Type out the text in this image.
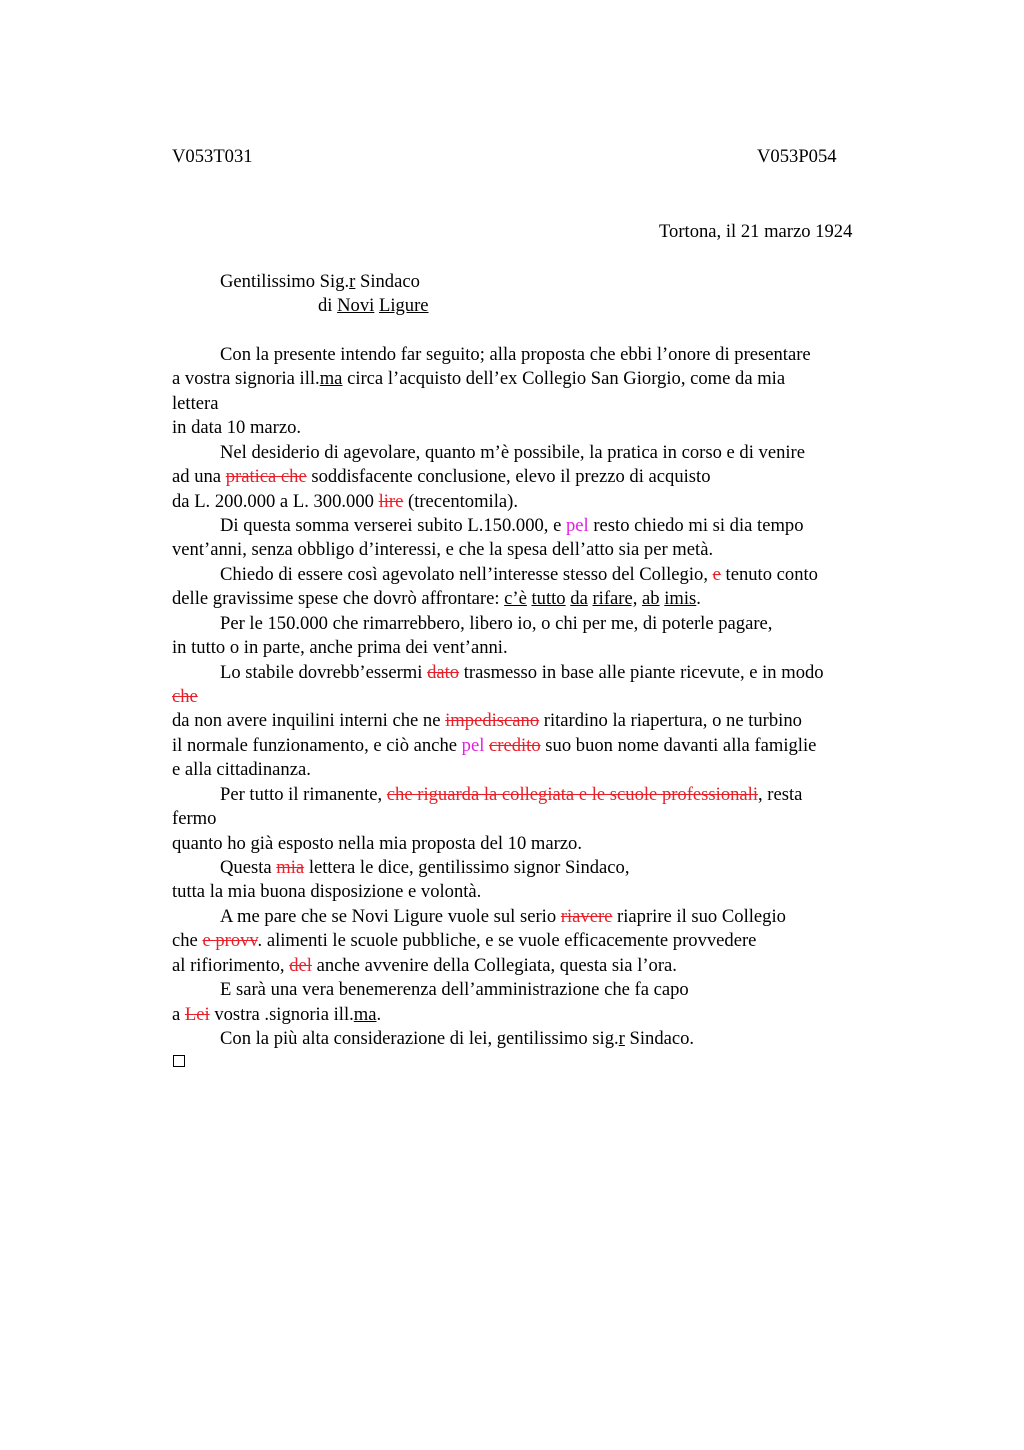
V053T031	V053P054
Tortona, il 21 marzo 1924
Gentilissimo Sig.r Sindaco
di Novi Ligure
Con la presente intendo far seguito; alla proposta che ebbi l’onore di presentare
a vostra signoria ill.ma circa l’acquisto dell’ex Collegio San Giorgio, come da mia
lettera
in data 10 marzo.
Nel desiderio di agevolare, quanto m’è possibile, la pratica in corso e di venire
ad una pratica che soddisfacente conclusione, elevo il prezzo di acquisto
da L. 200.000 a L. 300.000 lire (trecentomila).
Di questa somma verserei subito L.150.000, e pel resto chiedo mi si dia tempo
vent’anni, senza obbligo d’interessi, e che la spesa dell’atto sia per metà.
Chiedo di essere così agevolato nell’interesse stesso del Collegio, e tenuto conto
delle gravissime spese che dovrò affrontare: c’è tutto da rifare, ab imis.
Per le 150.000 che rimarrebbero, libero io, o chi per me, di poterle pagare,
in tutto o in parte, anche prima dei vent’anni.
Lo stabile dovrebb’essermi dato trasmesso in base alle piante ricevute, e in modo
che
da non avere inquilini interni che ne impediscano ritardino la riapertura, o ne turbino
il normale funzionamento, e ciò anche pel credito suo buon nome davanti alla famiglie
e alla cittadinanza.
Per tutto il rimanente, che riguarda la collegiata e le scuole professionali, resta
fermo
quanto ho già esposto nella mia proposta del 10 marzo.
Questa mia lettera le dice, gentilissimo signor Sindaco,
tutta la mia buona disposizione e volontà.
A me pare che se Novi Ligure vuole sul serio riavere riaprire il suo Collegio
che e provv. alimenti le scuole pubbliche, e se vuole efficacemente provvedere
al rifiorimento, del anche avvenire della Collegiata, questa sia l’ora.
E sarà una vera benemerenza dell’amministrazione che fa capo
a Lei vostra .signoria ill.ma.
Con la più alta considerazione di lei, gentilissimo sig.r Sindaco.
